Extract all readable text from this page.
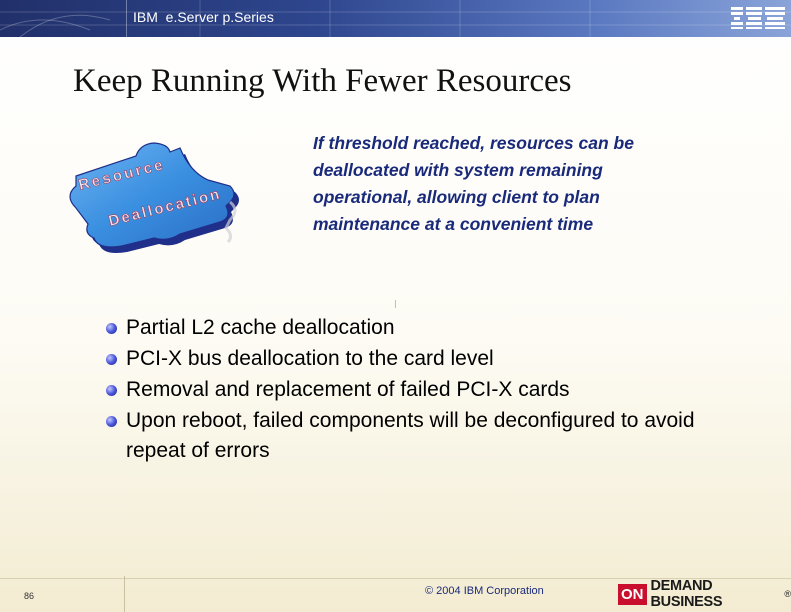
IBM  e.Server p.Series
Keep Running With Fewer Resources
Resource
Deallocation
If threshold reached, resources can be deallocated with system remaining operational, allowing client to plan maintenance at a convenient time
Partial L2 cache deallocation
PCI-X bus deallocation to the card level
Removal and replacement of failed PCI-X cards
Upon reboot, failed components will be deconfigured to avoid repeat of errors
86	© 2004 IBM Corporation	ON DEMAND BUSINESS	®
